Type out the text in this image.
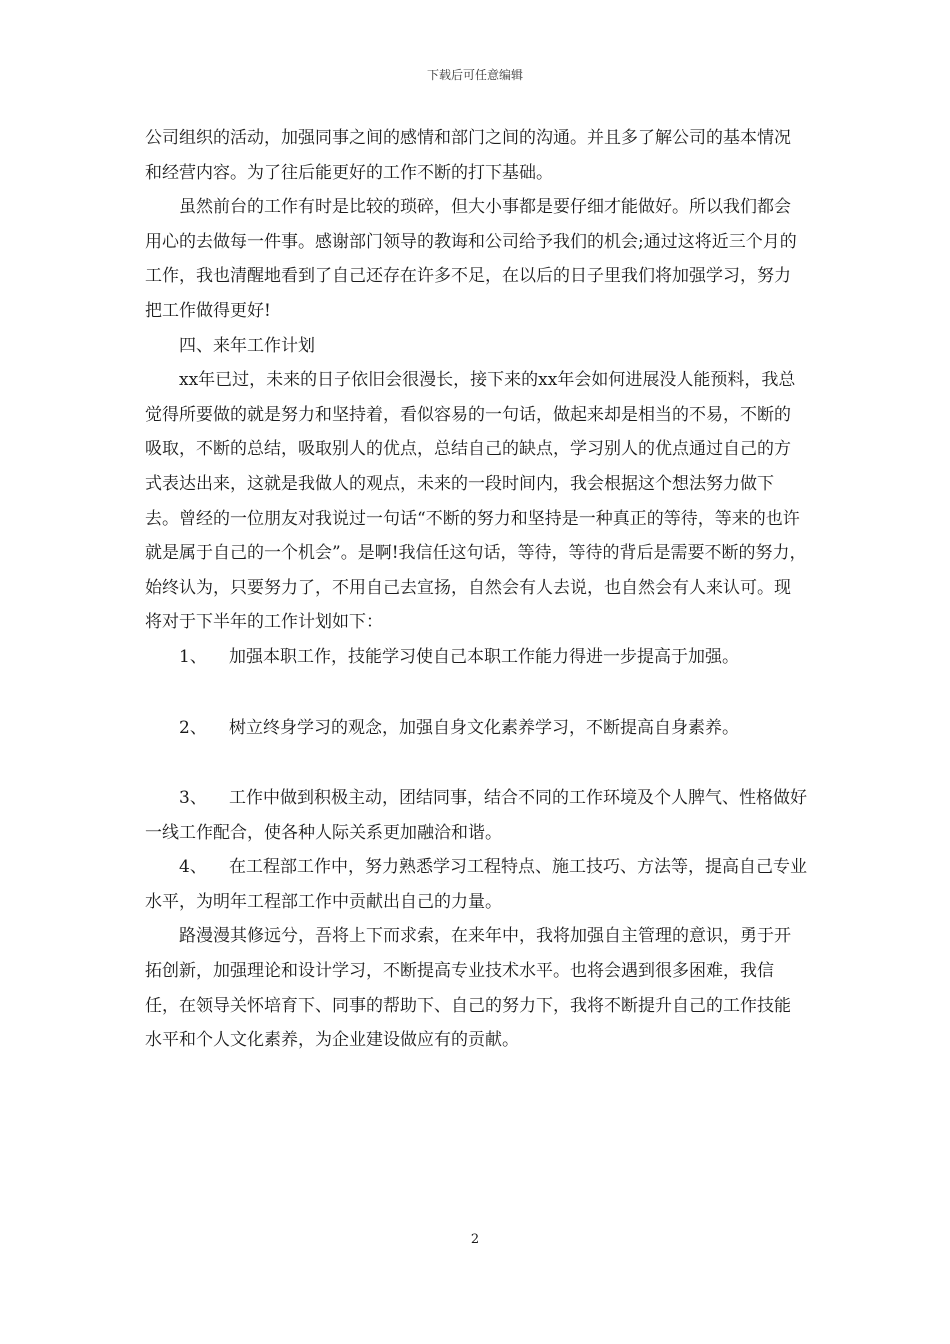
下载后可任意编辑

公司组织的活动，加强同事之间的感情和部门之间的沟通。并且多了解公司的基本情况和经营内容。为了往后能更好的工作不断的打下基础。

虽然前台的工作有时是比较的琐碎，但大小事都是要仔细才能做好。所以我们都会用心的去做每一件事。感谢部门领导的教诲和公司给予我们的机会;通过这将近三个月的工作，我也清醒地看到了自己还存在许多不足，在以后的日子里我们将加强学习，努力把工作做得更好!

四、来年工作计划

xx年已过，未来的日子依旧会很漫长，接下来的xx年会如何进展没人能预料，我总觉得所要做的就是努力和坚持着，看似容易的一句话，做起来却是相当的不易，不断的吸取，不断的总结，吸取别人的优点，总结自己的缺点，学习别人的优点通过自己的方式表达出来，这就是我做人的观点，未来的一段时间内，我会根据这个想法努力做下去。曾经的一位朋友对我说过一句话“不断的努力和坚持是一种真正的等待，等来的也许就是属于自己的一个机会”。是啊!我信任这句话，等待，等待的背后是需要不断的努力，始终认为，只要努力了，不用自己去宣扬，自然会有人去说，也自然会有人来认可。现将对于下半年的工作计划如下：

1、 加强本职工作，技能学习使自己本职工作能力得进一步提高于加强。

2、 树立终身学习的观念，加强自身文化素养学习，不断提高自身素养。

3、 工作中做到积极主动，团结同事，结合不同的工作环境及个人脾气、性格做好一线工作配合，使各种人际关系更加融洽和谐。

4、 在工程部工作中，努力熟悉学习工程特点、施工技巧、方法等，提高自己专业水平，为明年工程部工作中贡献出自己的力量。

路漫漫其修远兮，吾将上下而求索，在来年中，我将加强自主管理的意识，勇于开拓创新，加强理论和设计学习，不断提高专业技术水平。也将会遇到很多困难，我信任，在领导关怀培育下、同事的帮助下、自己的努力下，我将不断提升自己的工作技能水平和个人文化素养，为企业建设做应有的贡献。

2
